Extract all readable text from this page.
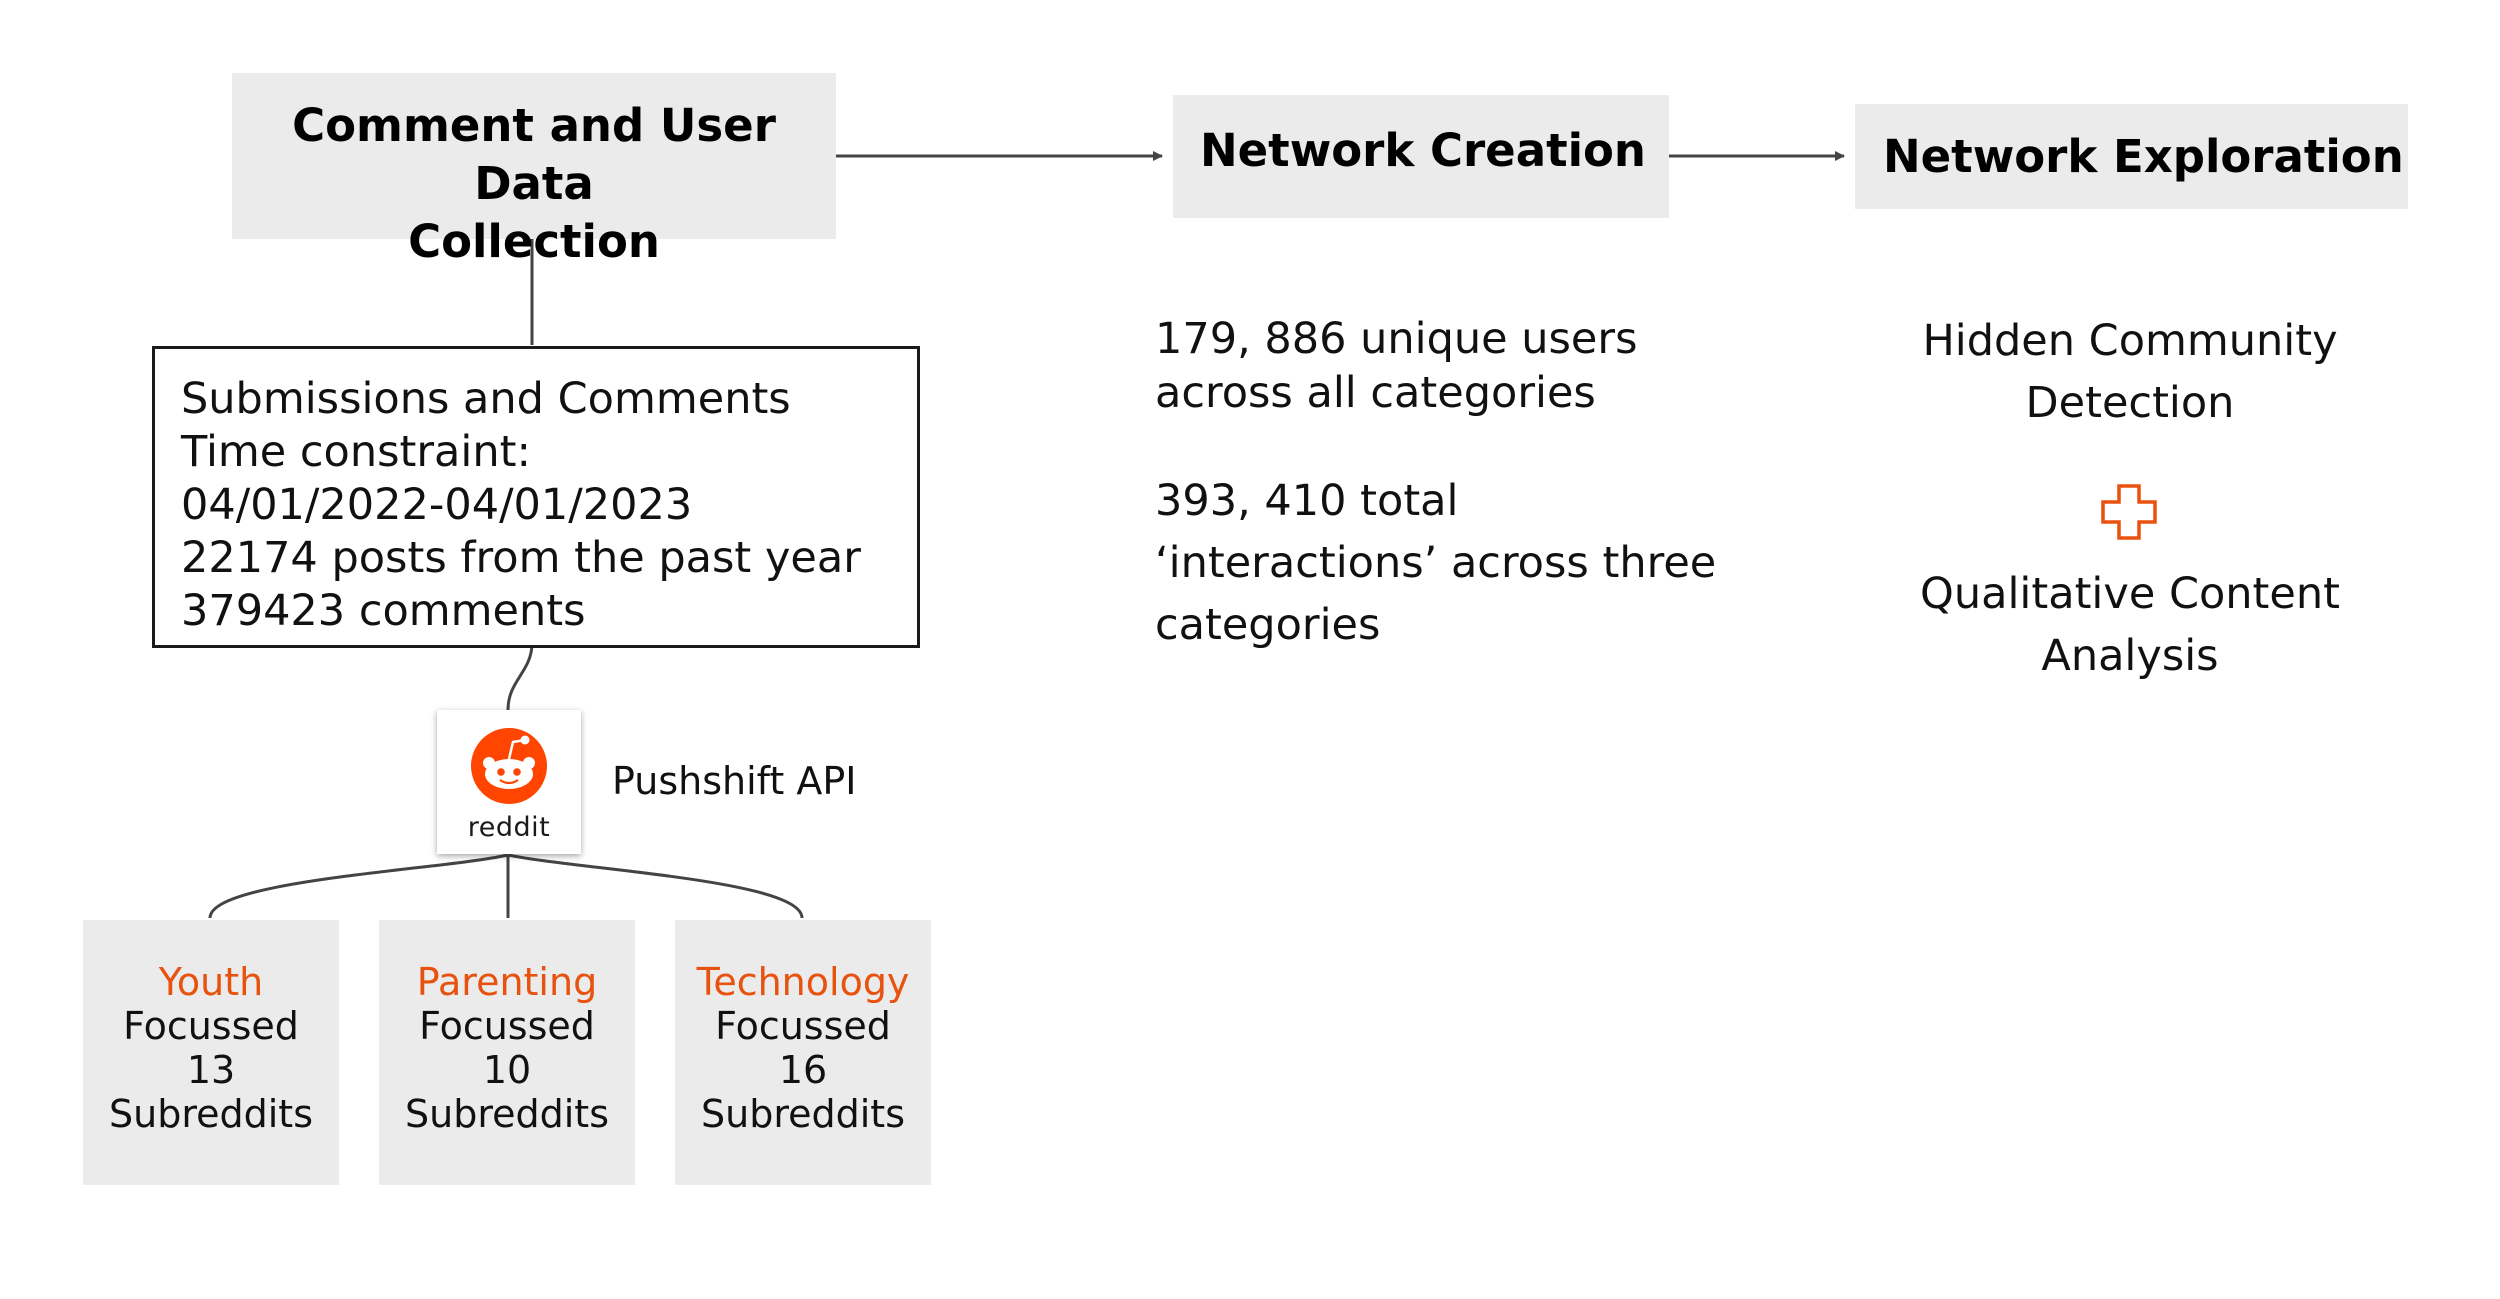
Comment and User Data
Collection
Network Creation	Network Exploration
Submissions and Comments
Time constraint:
04/01/2022-04/01/2023
22174 posts from the past year
379423 comments
reddit
Pushshift API
Youth
Focussed
13
Subreddits
Parenting
Focussed
10
Subreddits
Technology
Focussed
16
Subreddits
179, 886 unique users
across all categories
393, 410 total
‘interactions’ across three
categories
Hidden Community
Detection
Qualitative Content
Analysis
